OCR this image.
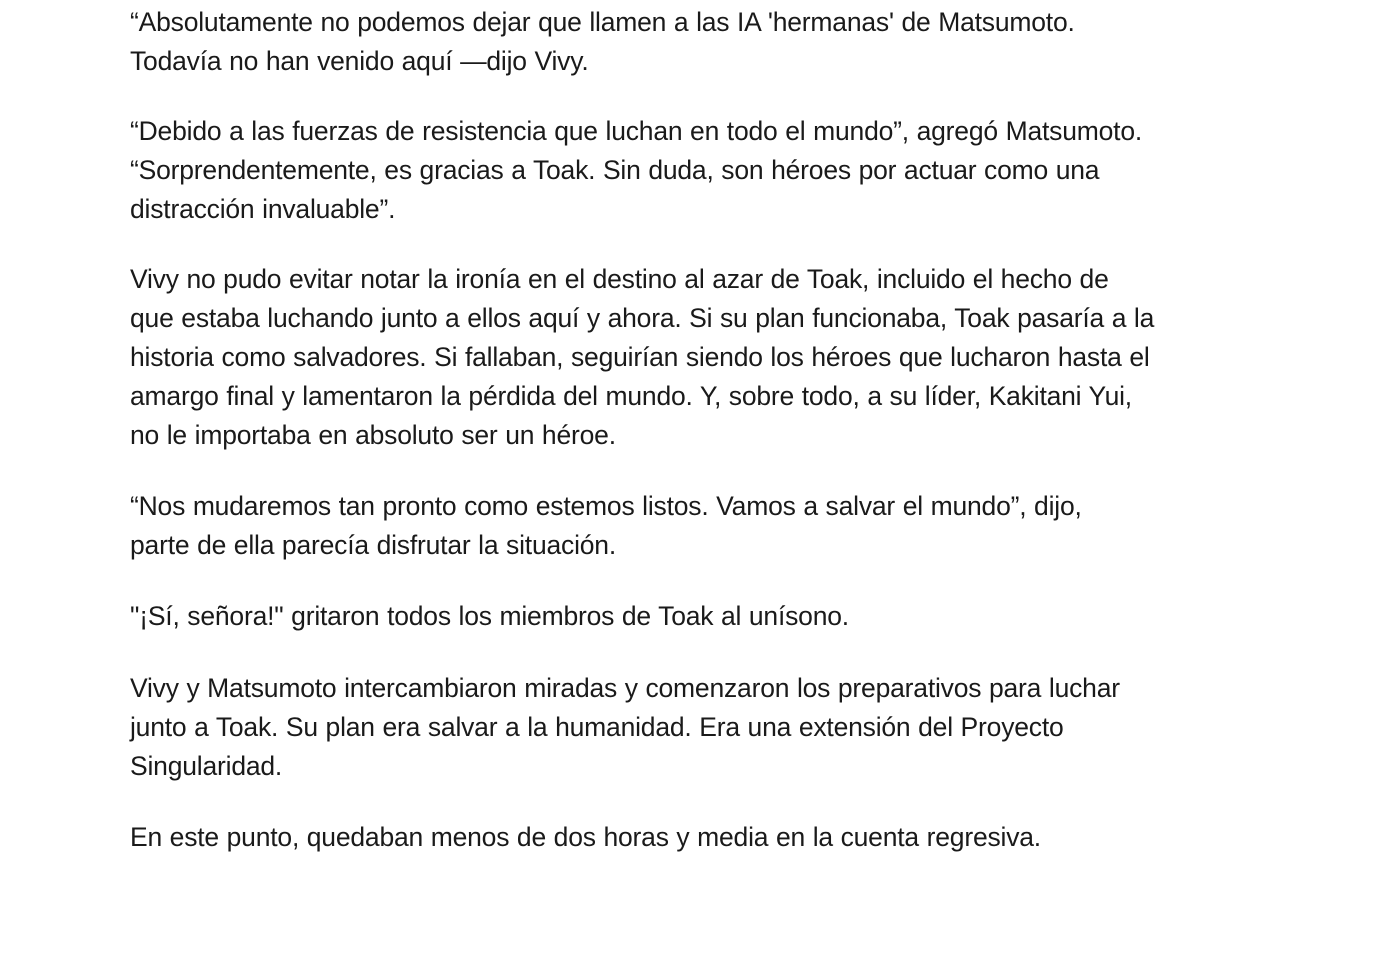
“Absolutamente no podemos dejar que llamen a las IA 'hermanas' de Matsumoto.
Todavía no han venido aquí —dijo Vivy.

“Debido a las fuerzas de resistencia que luchan en todo el mundo”, agregó Matsumoto.
“Sorprendentemente, es gracias a Toak. Sin duda, son héroes por actuar como una
distracción invaluable”.

Vivy no pudo evitar notar la ironía en el destino al azar de Toak, incluido el hecho de
que estaba luchando junto a ellos aquí y ahora. Si su plan funcionaba, Toak pasaría a la
historia como salvadores. Si fallaban, seguirían siendo los héroes que lucharon hasta el
amargo final y lamentaron la pérdida del mundo. Y, sobre todo, a su líder, Kakitani Yui,
no le importaba en absoluto ser un héroe.

“Nos mudaremos tan pronto como estemos listos. Vamos a salvar el mundo”, dijo,
parte de ella parecía disfrutar la situación.

"¡Sí, señora!" gritaron todos los miembros de Toak al unísono.

Vivy y Matsumoto intercambiaron miradas y comenzaron los preparativos para luchar
junto a Toak. Su plan era salvar a la humanidad. Era una extensión del Proyecto
Singularidad.

En este punto, quedaban menos de dos horas y media en la cuenta regresiva.
